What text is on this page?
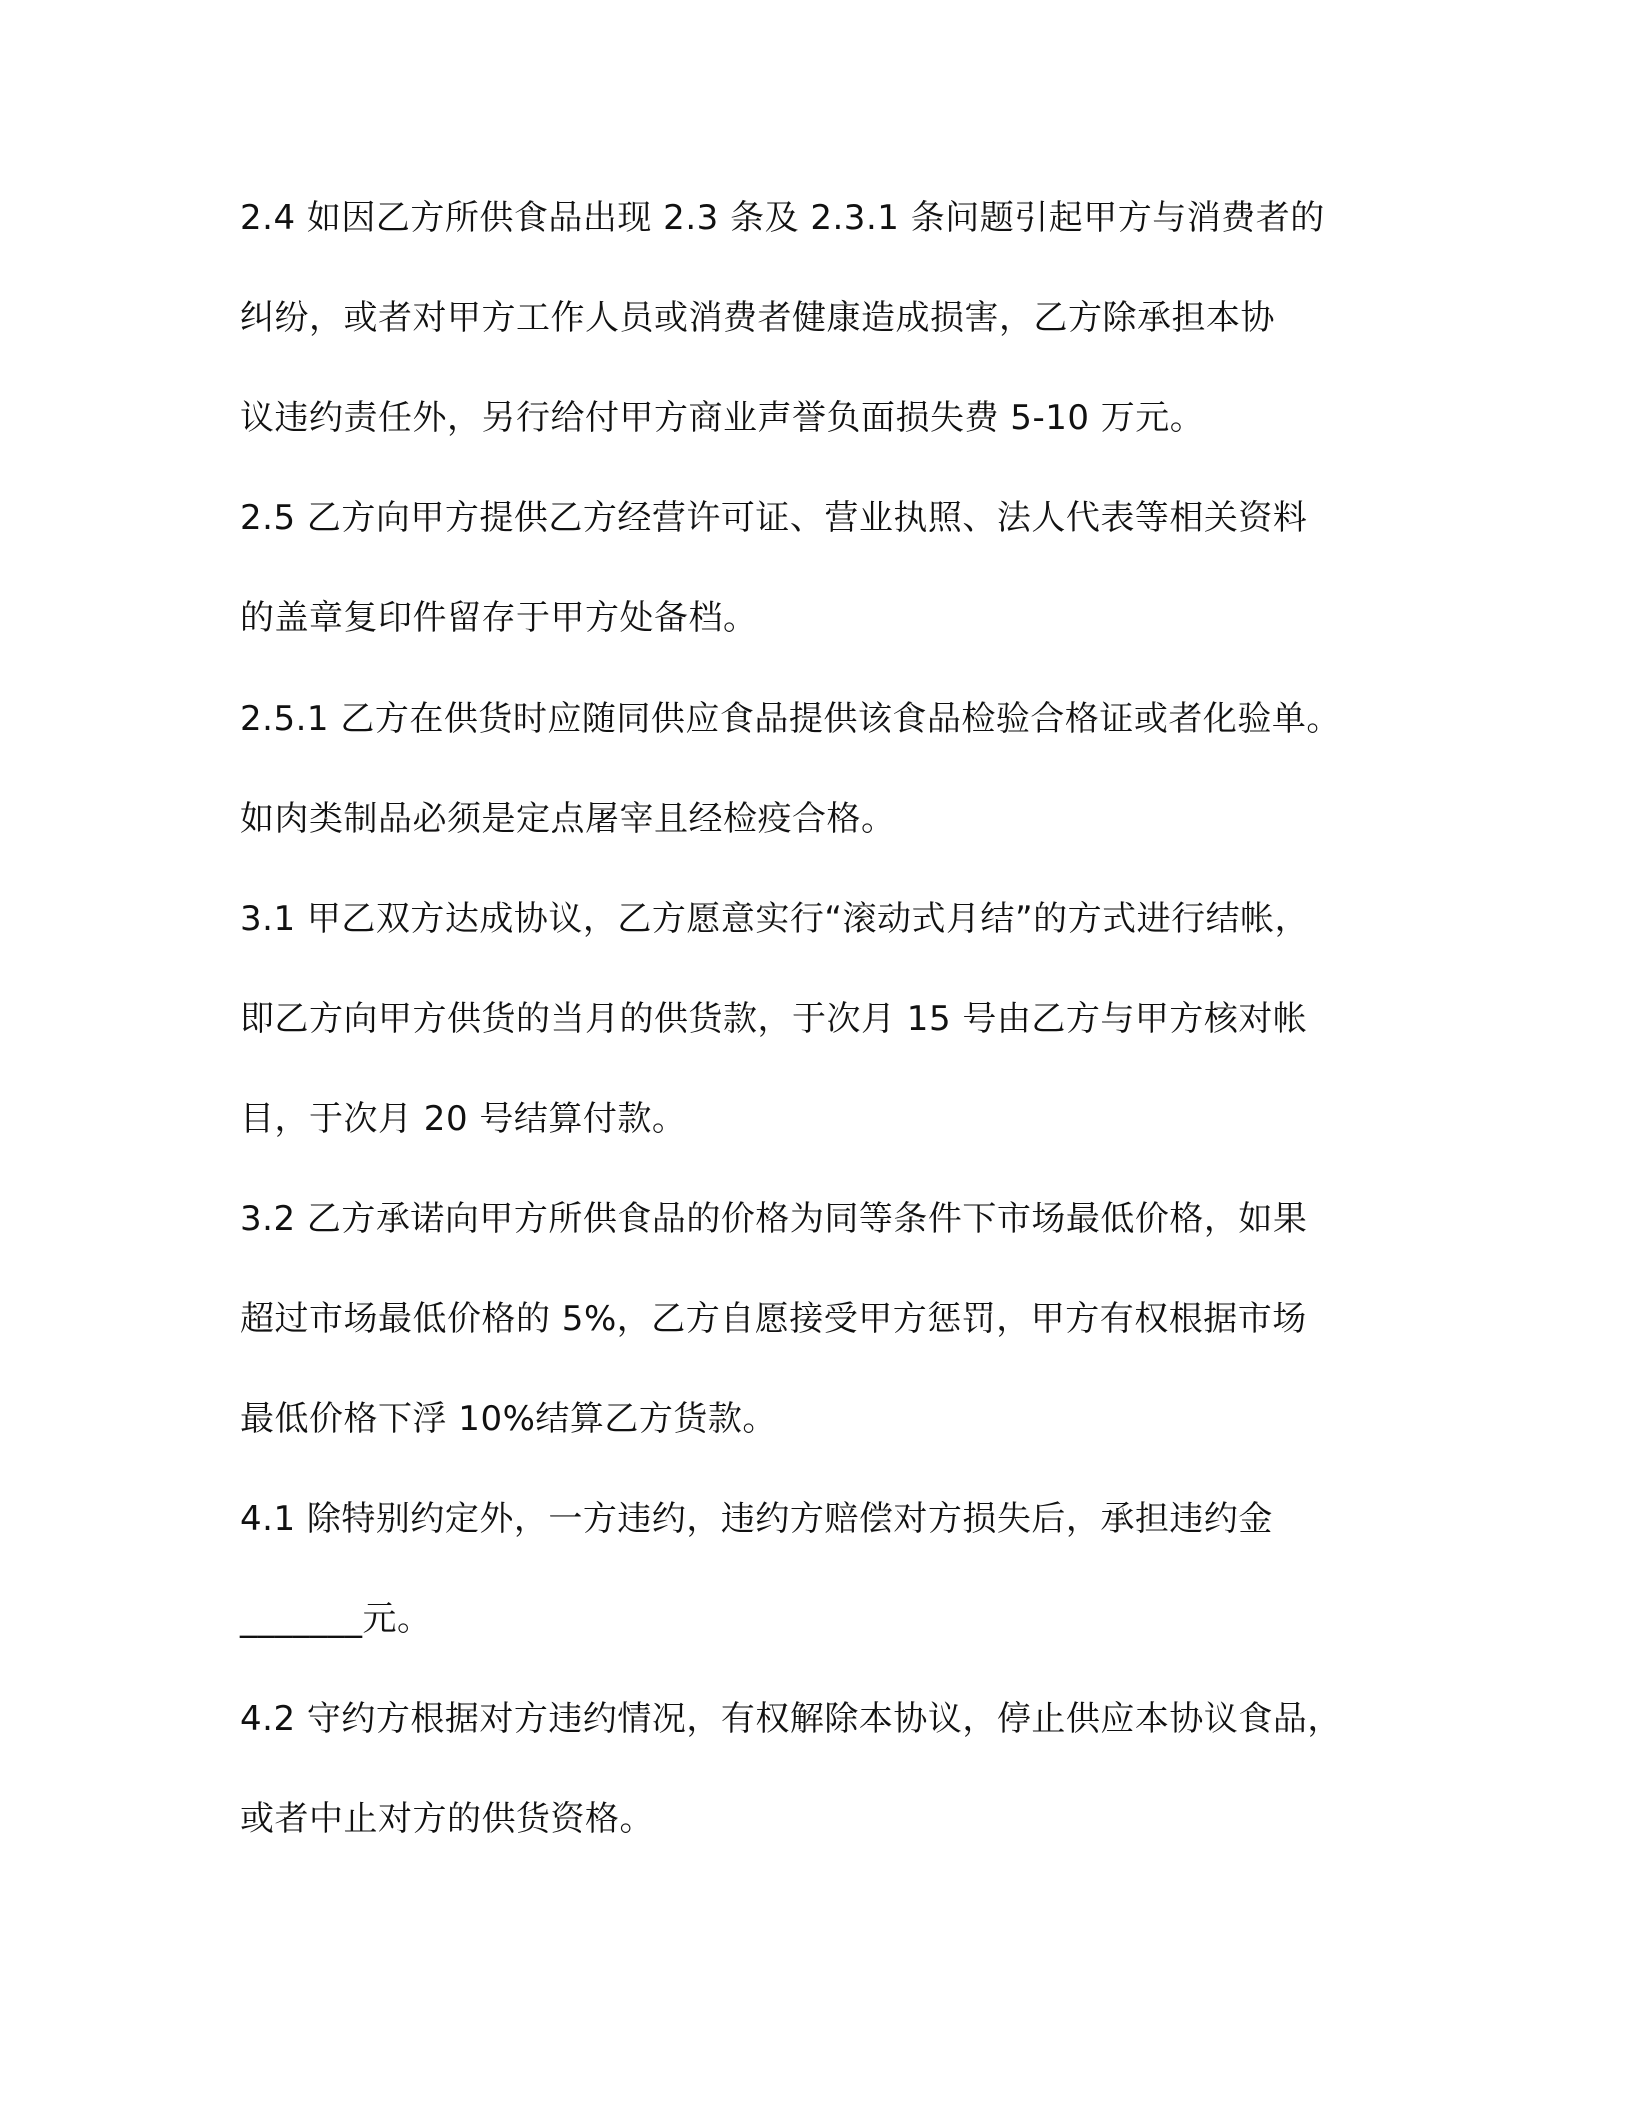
2.4 如因乙方所供食品出现 2.3 条及 2.3.1 条问题引起甲方与消费者的
纠纷，或者对甲方工作人员或消费者健康造成损害，乙方除承担本协
议违约责任外，另行给付甲方商业声誉负面损失费 5-10 万元。
2.5 乙方向甲方提供乙方经营许可证、营业执照、法人代表等相关资料
的盖章复印件留存于甲方处备档。
2.5.1 乙方在供货时应随同供应食品提供该食品检验合格证或者化验单。
如肉类制品必须是定点屠宰且经检疫合格。
3.1 甲乙双方达成协议，乙方愿意实行“滚动式月结”的方式进行结帐，
即乙方向甲方供货的当月的供货款，于次月 15 号由乙方与甲方核对帐
目，于次月 20 号结算付款。
3.2 乙方承诺向甲方所供食品的价格为同等条件下市场最低价格，如果
超过市场最低价格的 5%，乙方自愿接受甲方惩罚，甲方有权根据市场
最低价格下浮 10%结算乙方货款。
4.1 除特别约定外，一方违约，违约方赔偿对方损失后，承担违约金
_______元。
4.2 守约方根据对方违约情况，有权解除本协议，停止供应本协议食品，
或者中止对方的供货资格。
